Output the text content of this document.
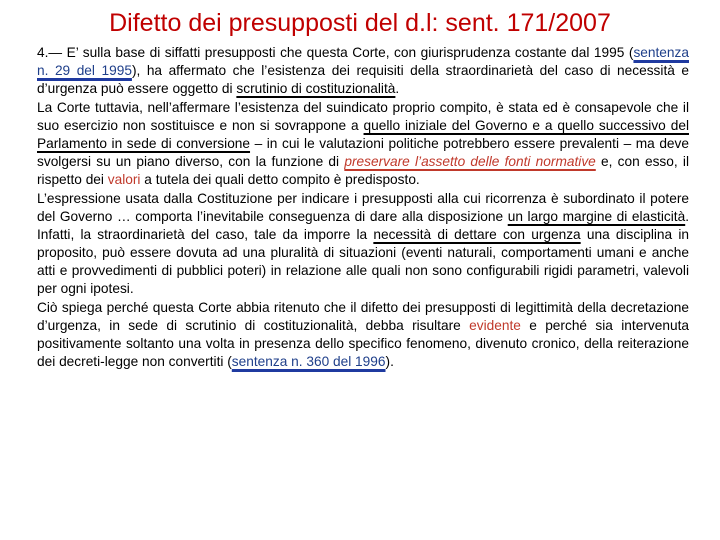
Difetto dei presupposti del d.l: sent. 171/2007

4.— E’ sulla base di siffatti presupposti che questa Corte, con giurisprudenza costante dal 1995 (sentenza n. 29 del 1995), ha affermato che l’esistenza dei requisiti della straordinarietà del caso di necessità e d’urgenza può essere oggetto di scrutinio di costituzionalità.

La Corte tuttavia, nell’affermare l’esistenza del suindicato proprio compito, è stata ed è consapevole che il suo esercizio non sostituisce e non si sovrappone a quello iniziale del Governo e a quello successivo del Parlamento in sede di conversione – in cui le valutazioni politiche potrebbero essere prevalenti – ma deve svolgersi su un piano diverso, con la funzione di preservare l’assetto delle fonti normative e, con esso, il rispetto dei valori a tutela dei quali detto compito è predisposto.

L’espressione usata dalla Costituzione per indicare i presupposti alla cui ricorrenza è subordinato il potere del Governo … comporta l’inevitabile conseguenza di dare alla disposizione un largo margine di elasticità. Infatti, la straordinarietà del caso, tale da imporre la necessità di dettare con urgenza una disciplina in proposito, può essere dovuta ad una pluralità di situazioni (eventi naturali, comportamenti umani e anche atti e provvedimenti di pubblici poteri) in relazione alle quali non sono configurabili rigidi parametri, valevoli per ogni ipotesi.

Ciò spiega perché questa Corte abbia ritenuto che il difetto dei presupposti di legittimità della decretazione d’urgenza, in sede di scrutinio di costituzionalità, debba risultare evidente e perché sia intervenuta positivamente soltanto una volta in presenza dello specifico fenomeno, divenuto cronico, della reiterazione dei decreti-legge non convertiti (sentenza n. 360 del 1996).
